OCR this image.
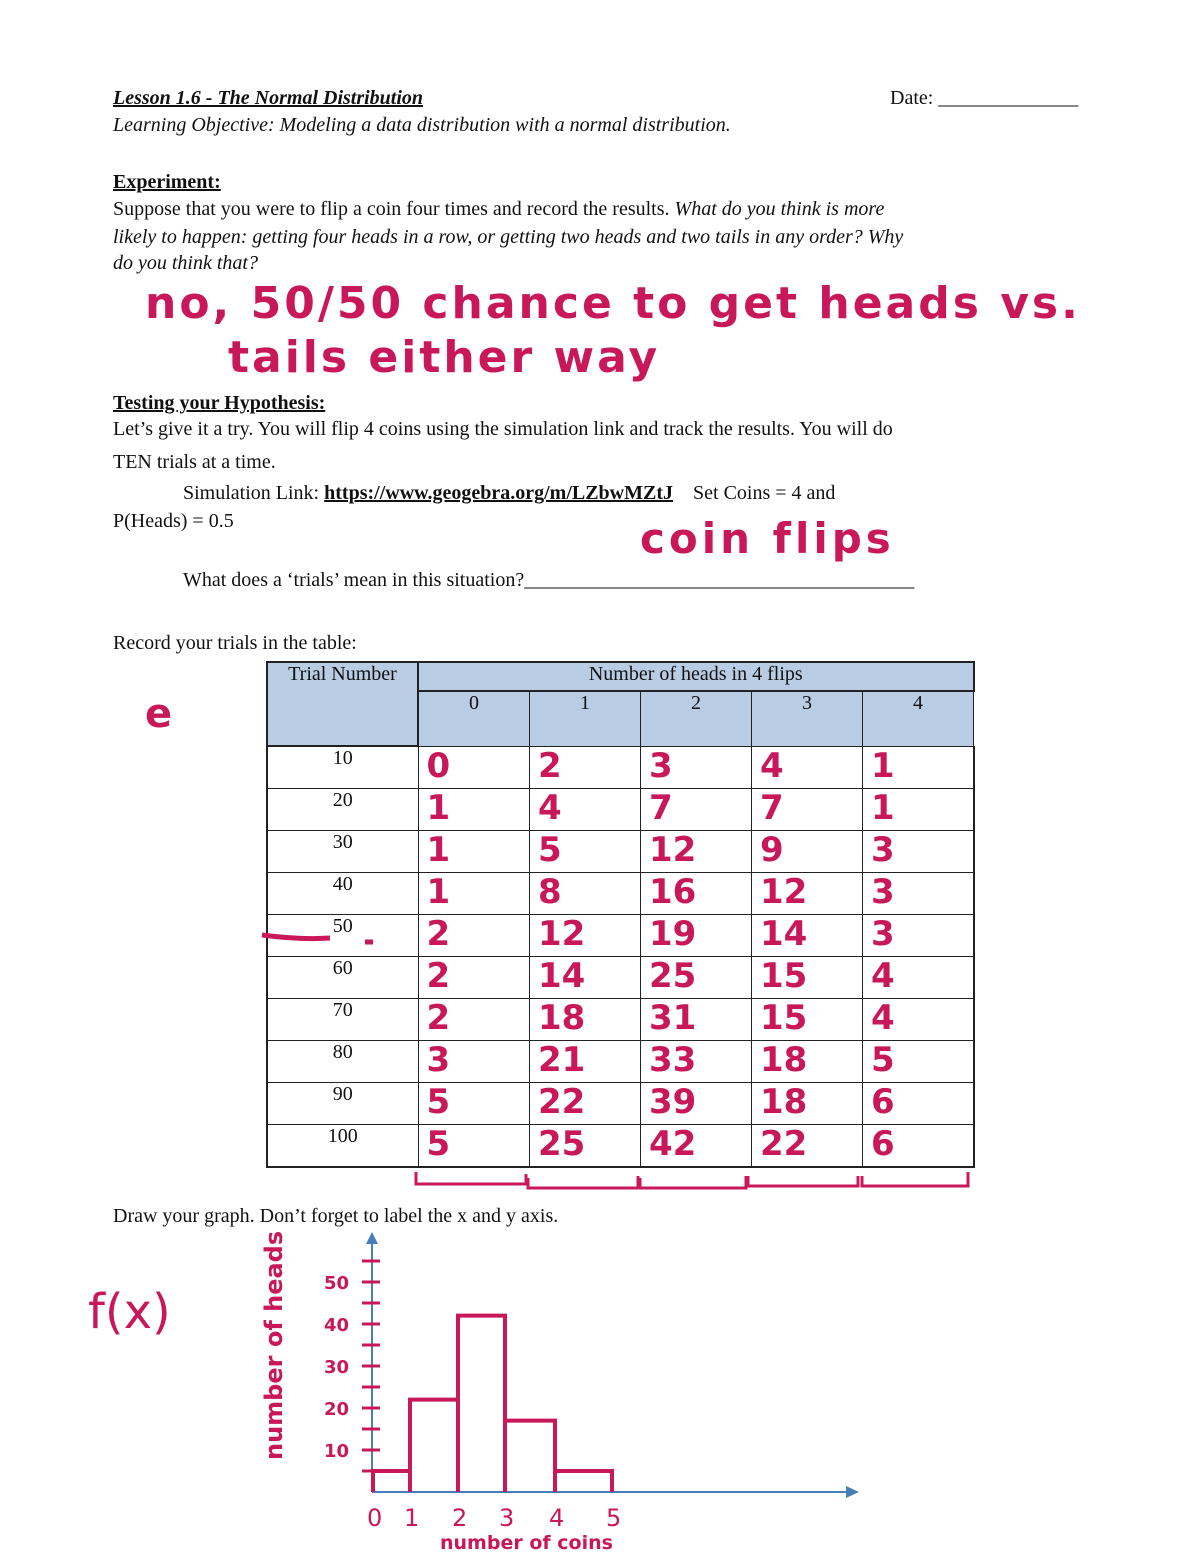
Lesson 1.6 - The Normal Distribution	Date: ______________
Learning Objective: Modeling a data distribution with a normal distribution.
Experiment:
Suppose that you were to flip a coin four times and record the results. What do you think is more
likely to happen: getting four heads in a row, or getting two heads and two tails in any order? Why
do you think that?
no, 50/50 chance to get heads vs.
tails either way
Testing your Hypothesis:
Let’s give it a try. You will flip 4 coins using the simulation link and track the results. You will do
TEN trials at a time.
Simulation Link: https://www.geogebra.org/m/LZbwMZtJ Set Coins = 4 and
P(Heads) = 0.5
What does a ‘trials’ mean in this situation?_______________________________________
coin flips
Record your trials in the table:
e
Trial Number	Number of heads in 4 flips				
	0	1	2	3	4
10	0	2	3	4	1

20	1	4	7	7	1

30	1	5	12	9	3

40	1	8	16	12	3

50	2	12	19	14	3

60	2	14	25	15	4

70	2	18	31	15	4

80	3	21	33	18	5

90	5	22	39	18	6

100	5	25	42	22	6
Draw your graph. Don’t forget to label the x and y axis.
f(x)	number of heads
number of coins
10
20
30
40
50
0 1 2 3 4 5
